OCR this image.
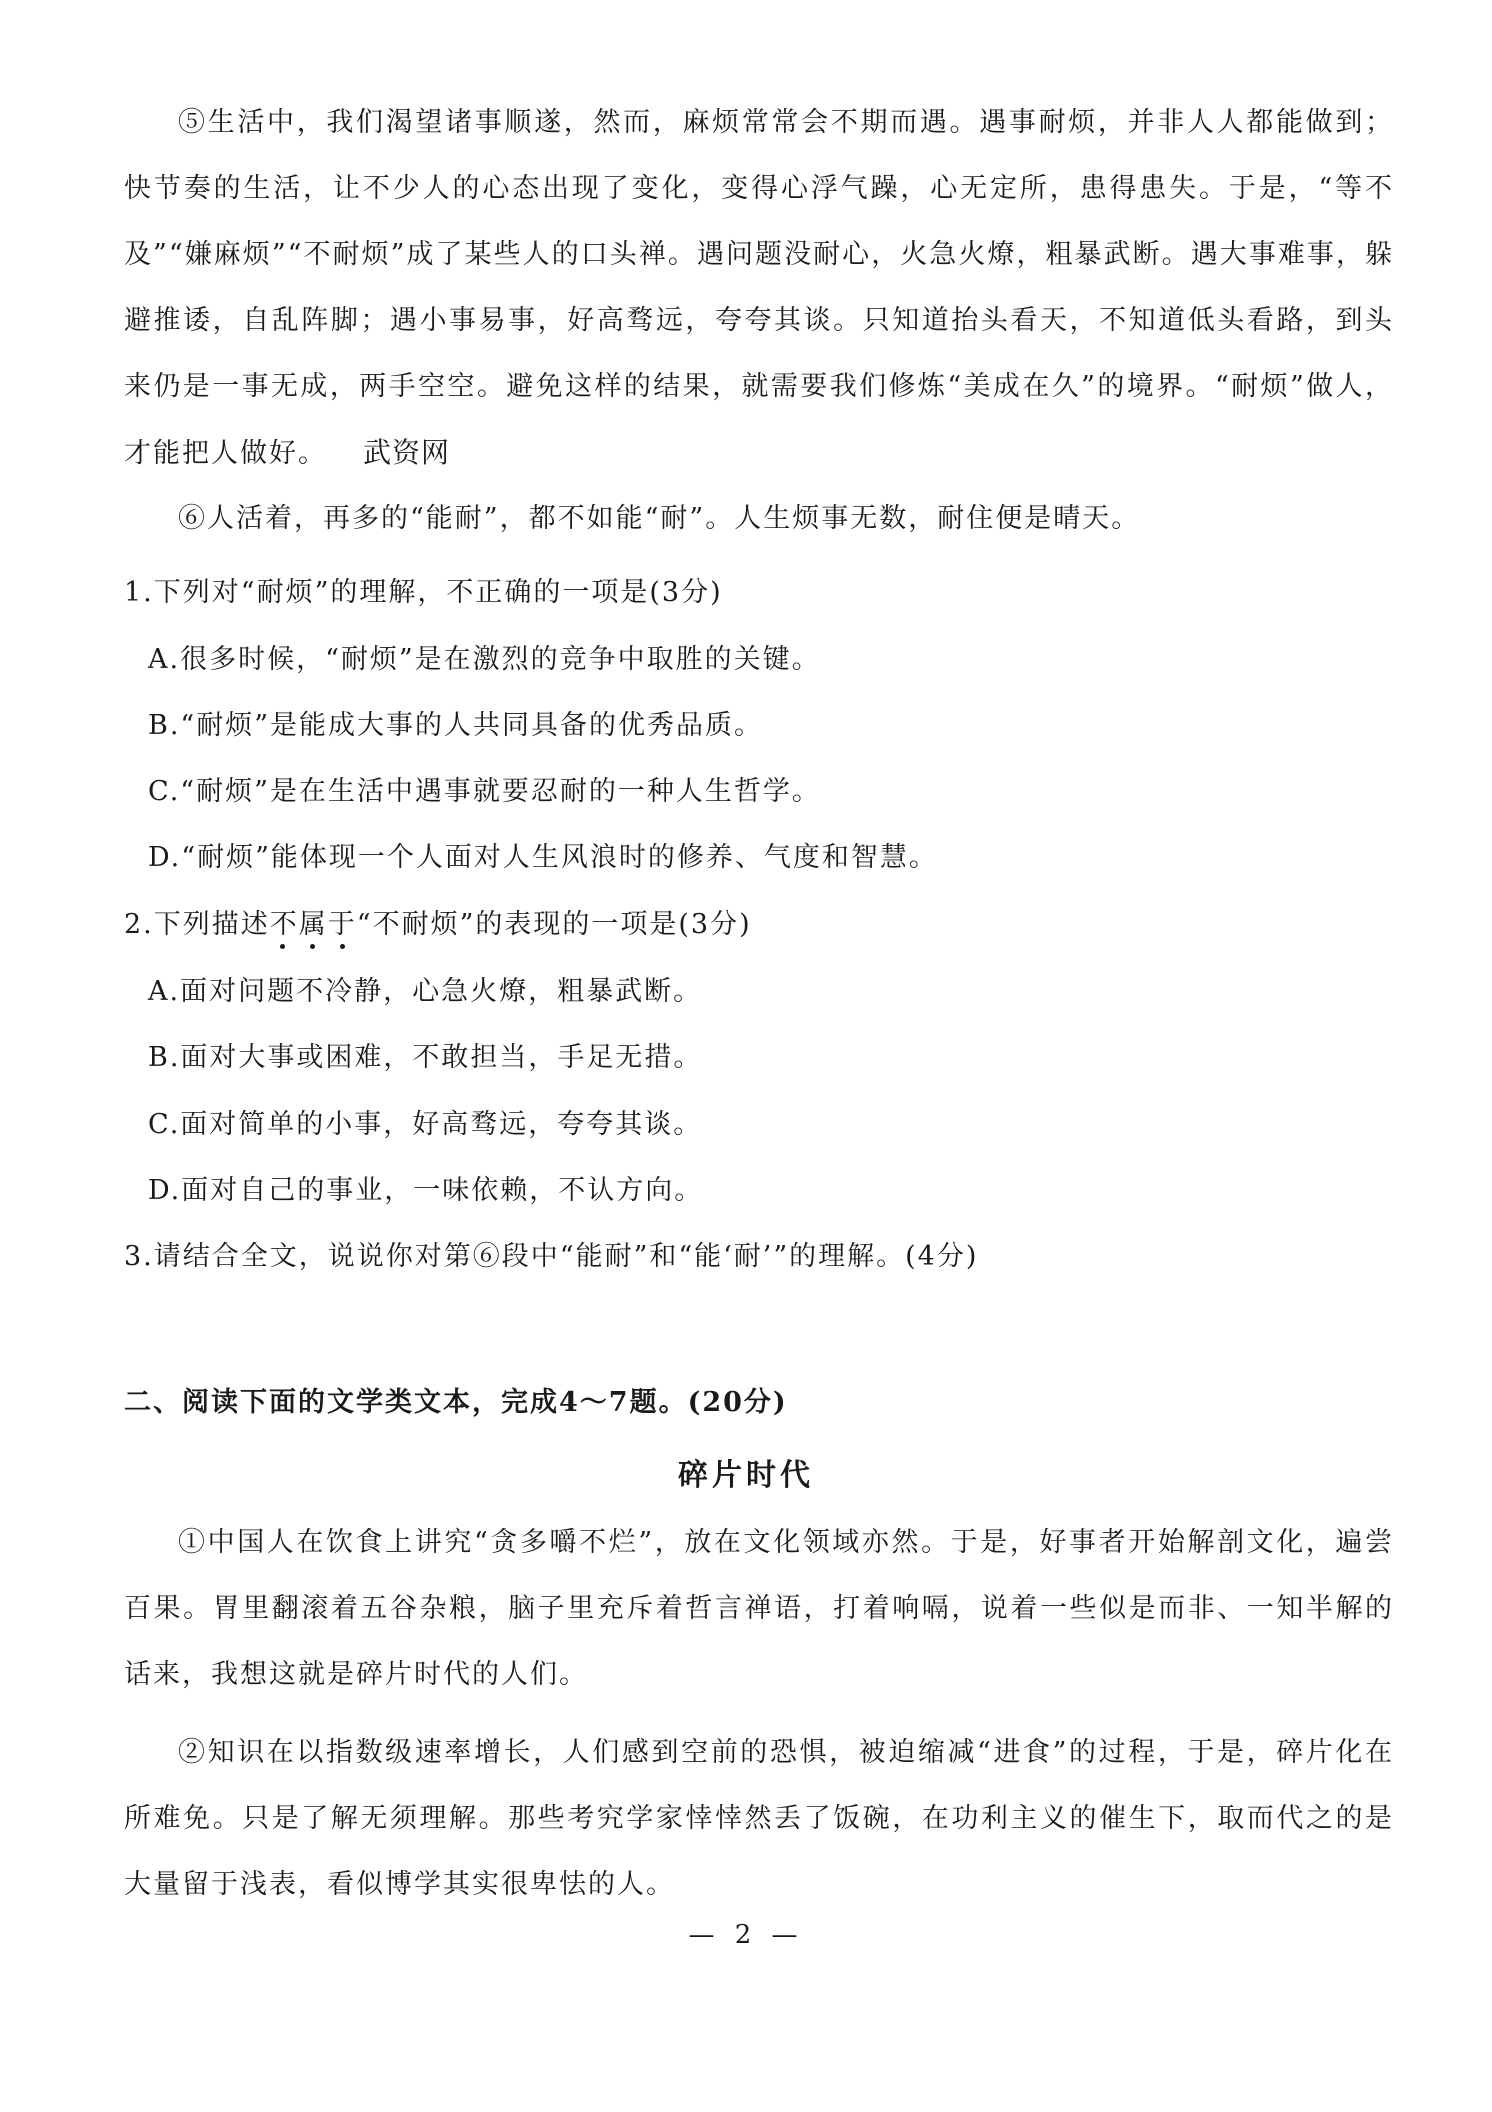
⑤生活中，我们渴望诸事顺遂，然而，麻烦常常会不期而遇。遇事耐烦，并非人人都能做到；快节奏的生活，让不少人的心态出现了变化，变得心浮气躁，心无定所，患得患失。于是，“等不及”“嫌麻烦”“不耐烦”成了某些人的口头禅。遇问题没耐心，火急火燎，粗暴武断。遇大事难事，躲避推诿，自乱阵脚；遇小事易事，好高骛远，夸夸其谈。只知道抬头看天，不知道低头看路，到头来仍是一事无成，两手空空。避免这样的结果，就需要我们修炼“美成在久”的境界。“耐烦”做人，才能把人做好。 武资网

⑥人活着，再多的“能耐”，都不如能“耐”。人生烦事无数，耐住便是晴天。

1.下列对“耐烦”的理解，不正确的一项是(3分)
A.很多时候，“耐烦”是在激烈的竞争中取胜的关键。
B.“耐烦”是能成大事的人共同具备的优秀品质。
C.“耐烦”是在生活中遇事就要忍耐的一种人生哲学。
D.“耐烦”能体现一个人面对人生风浪时的修养、气度和智慧。
2.下列描述不属于“不耐烦”的表现的一项是(3分)
A.面对问题不冷静，心急火燎，粗暴武断。
B.面对大事或困难，不敢担当，手足无措。
C.面对简单的小事，好高骛远，夸夸其谈。
D.面对自己的事业，一味依赖，不认方向。
3.请结合全文，说说你对第⑥段中“能耐”和“能‘耐’”的理解。(4分)
二、阅读下面的文学类文本，完成4～7题。(20分)
碎片时代

①中国人在饮食上讲究“贪多嚼不烂”，放在文化领域亦然。于是，好事者开始解剖文化，遍尝百果。胃里翻滚着五谷杂粮，脑子里充斥着哲言禅语，打着响嗝，说着一些似是而非、一知半解的话来，我想这就是碎片时代的人们。

②知识在以指数级速率增长，人们感到空前的恐惧，被迫缩减“进食”的过程，于是，碎片化在所难免。只是了解无须理解。那些考究学家悻悻然丢了饭碗，在功利主义的催生下，取而代之的是大量留于浅表，看似博学其实很卑怯的人。

— 2 —
